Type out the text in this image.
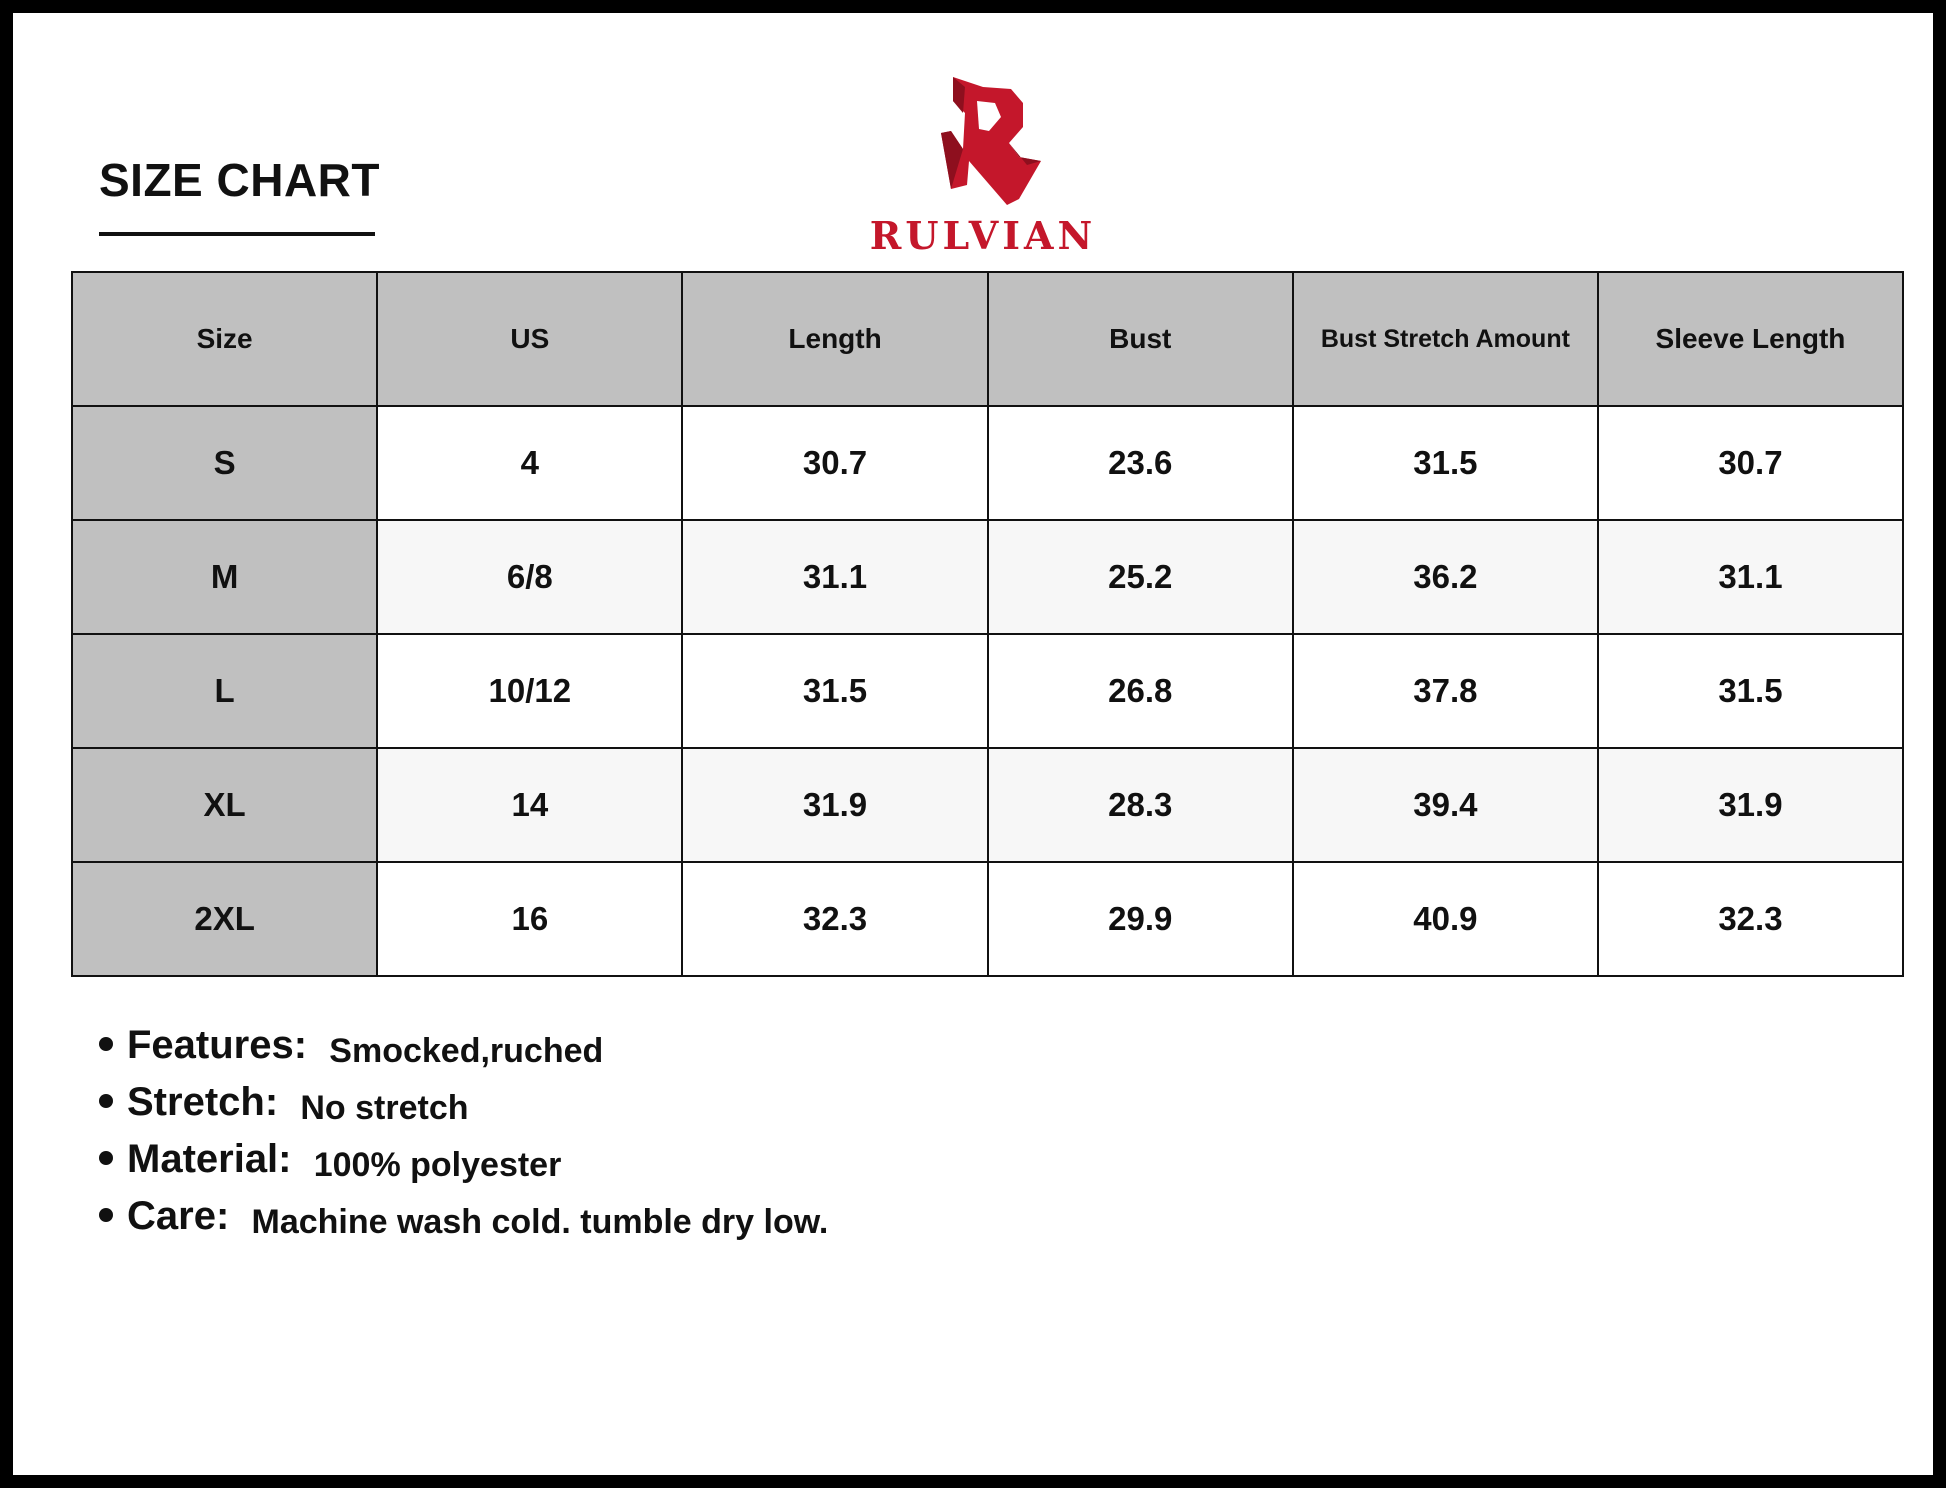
SIZE CHART
RULVIAN
Size	US	Length	Bust	Bust Stretch Amount	Sleeve Length
S	4	30.7	23.6	31.5	30.7
M	6/8	31.1	25.2	36.2	31.1
L	10/12	31.5	26.8	37.8	31.5
XL	14	31.9	28.3	39.4	31.9
2XL	16	32.3	29.9	40.9	32.3
Features: Smocked,ruched
Stretch: No stretch
Material: 100% polyester
Care: Machine wash cold. tumble dry low.
